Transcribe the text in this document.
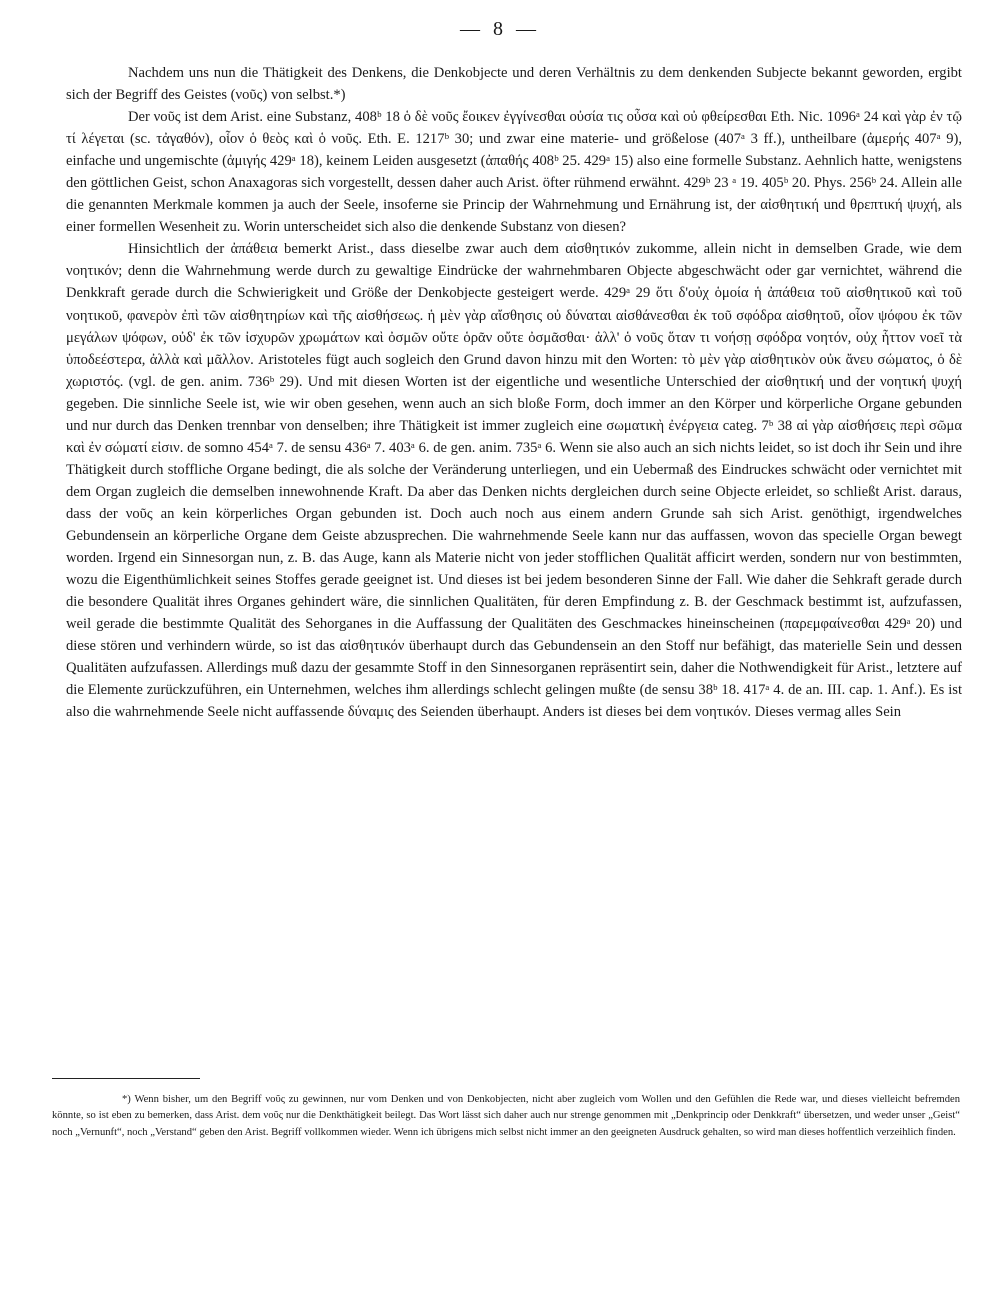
— 8 —

Nachdem uns nun die Thätigkeit des Denkens, die Denkobjecte und deren Verhältnis zu dem denkenden Subjecte bekannt geworden, ergibt sich der Begriff des Geistes (νοῦς) von selbst.*)

Der νοῦς ist dem Arist. eine Substanz, 408ᵇ 18 ὁ δὲ νοῦς ἔοικεν ἐγγίνεσθαι οὐσία τις οὖσα καὶ οὐ φθείρεσθαι Eth. Nic. 1096ᵃ 24 καὶ γὰρ ἐν τῷ τί λέγεται (sc. τἀγαθόν), οἷον ὁ θεὸς καὶ ὁ νοῦς. Eth. E. 1217ᵇ 30; und zwar eine materie- und größelose (407ᵃ 3 ff.), untheilbare (ἀμερής 407ᵃ 9), einfache und ungemischte (ἀμιγής 429ᵃ 18), keinem Leiden ausgesetzt (ἀπαθής 408ᵇ 25. 429ᵃ 15) also eine formelle Substanz. Aehnlich hatte, wenigstens den göttlichen Geist, schon Anaxagoras sich vorgestellt, dessen daher auch Arist. öfter rühmend erwähnt. 429ᵇ 23 ᵃ 19. 405ᵇ 20. Phys. 256ᵇ 24. Allein alle die genannten Merkmale kommen ja auch der Seele, insoferne sie Princip der Wahrnehmung und Ernährung ist, der αἰσθητική und θρεπτική ψυχή, als einer formellen Wesenheit zu. Worin unterscheidet sich also die denkende Substanz von diesen?

Hinsichtlich der ἀπάθεια bemerkt Arist., dass dieselbe zwar auch dem αἰσθητικόν zukomme, allein nicht in demselben Grade, wie dem νοητικόν; denn die Wahrnehmung werde durch zu gewaltige Eindrücke der wahrnehmbaren Objecte abgeschwächt oder gar vernichtet, während die Denkkraft gerade durch die Schwierigkeit und Größe der Denkobjecte gesteigert werde. 429ᵃ 29 ὅτι δ'οὐχ ὁμοία ἡ ἀπάθεια τοῦ αἰσθητικοῦ καὶ τοῦ νοητικοῦ, φανερὸν ἐπὶ τῶν αἰσθητηρίων καὶ τῆς αἰσθήσεως. ἡ μὲν γὰρ αἴσθησις οὐ δύναται αἰσθάνεσθαι ἐκ τοῦ σφόδρα αἰσθητοῦ, οἷον ψόφου ἐκ τῶν μεγάλων ψόφων, οὐδ' ἐκ τῶν ἰσχυρῶν χρωμάτων καὶ ὀσμῶν οὔτε ὁρᾶν οὔτε ὀσμᾶσθαι· ἀλλ' ὁ νοῦς ὅταν τι νοήσῃ σφόδρα νοητόν, οὐχ ἧττον νοεῖ τὰ ὑποδεέστερα, ἀλλὰ καὶ μᾶλλον. Aristoteles fügt auch sogleich den Grund davon hinzu mit den Worten: τὸ μὲν γὰρ αἰσθητικὸν οὐκ ἄνευ σώματος, ὁ δὲ χωριστός. (vgl. de gen. anim. 736ᵇ 29). Und mit diesen Worten ist der eigentliche und wesentliche Unterschied der αἰσθητική und der νοητική ψυχή gegeben. Die sinnliche Seele ist, wie wir oben gesehen, wenn auch an sich bloße Form, doch immer an den Körper und körperliche Organe gebunden und nur durch das Denken trennbar von denselben; ihre Thätigkeit ist immer zugleich eine σωματικὴ ἐνέργεια categ. 7ᵇ 38 αἱ γὰρ αἰσθήσεις περὶ σῶμα καὶ ἐν σώματί εἰσιν. de somno 454ᵃ 7. de sensu 436ᵃ 7. 403ᵃ 6. de gen. anim. 735ᵃ 6. Wenn sie also auch an sich nichts leidet, so ist doch ihr Sein und ihre Thätigkeit durch stoffliche Organe bedingt, die als solche der Veränderung unterliegen, und ein Uebermaß des Eindruckes schwächt oder vernichtet mit dem Organ zugleich die demselben innewohnende Kraft. Da aber das Denken nichts dergleichen durch seine Objecte erleidet, so schließt Arist. daraus, dass der νοῦς an kein körperliches Organ gebunden ist. Doch auch noch aus einem andern Grunde sah sich Arist. genöthigt, irgendwelches Gebundensein an körperliche Organe dem Geiste abzusprechen. Die wahrnehmende Seele kann nur das auffassen, wovon das specielle Organ bewegt worden. Irgend ein Sinnesorgan nun, z. B. das Auge, kann als Materie nicht von jeder stofflichen Qualität afficirt werden, sondern nur von bestimmten, wozu die Eigenthümlichkeit seines Stoffes gerade geeignet ist. Und dieses ist bei jedem besonderen Sinne der Fall. Wie daher die Sehkraft gerade durch die besondere Qualität ihres Organes gehindert wäre, die sinnlichen Qualitäten, für deren Empfindung z. B. der Geschmack bestimmt ist, aufzufassen, weil gerade die bestimmte Qualität des Sehorganes in die Auffassung der Qualitäten des Geschmackes hineinscheinen (παρεμφαίνεσθαι 429ᵃ 20) und diese stören und verhindern würde, so ist das αἰσθητικόν überhaupt durch das Gebundensein an den Stoff nur befähigt, das materielle Sein und dessen Qualitäten aufzufassen. Allerdings muß dazu der gesammte Stoff in den Sinnesorganen repräsentirt sein, daher die Nothwendigkeit für Arist., letztere auf die Elemente zurückzuführen, ein Unternehmen, welches ihm allerdings schlecht gelingen mußte (de sensu 38ᵇ 18. 417ᵃ 4. de an. III. cap. 1. Anf.). Es ist also die wahrnehmende Seele nicht auffassende δύναμις des Seienden überhaupt. Anders ist dieses bei dem νοητικόν. Dieses vermag alles Sein

*) Wenn bisher, um den Begriff νοῦς zu gewinnen, nur vom Denken und von Denkobjecten, nicht aber zugleich vom Wollen und den Gefühlen die Rede war, und dieses vielleicht befremden könnte, so ist eben zu bemerken, dass Arist. dem νοῦς nur die Denkthätigkeit beilegt. Das Wort lässt sich daher auch nur strenge genommen mit „Denkprincip oder Denkkraft“ übersetzen, und weder unser „Geist“ noch „Vernunft“, noch „Verstand“ geben den Arist. Begriff vollkommen wieder. Wenn ich übrigens mich selbst nicht immer an den geeigneten Ausdruck gehalten, so wird man dieses hoffentlich verzeihlich finden.
